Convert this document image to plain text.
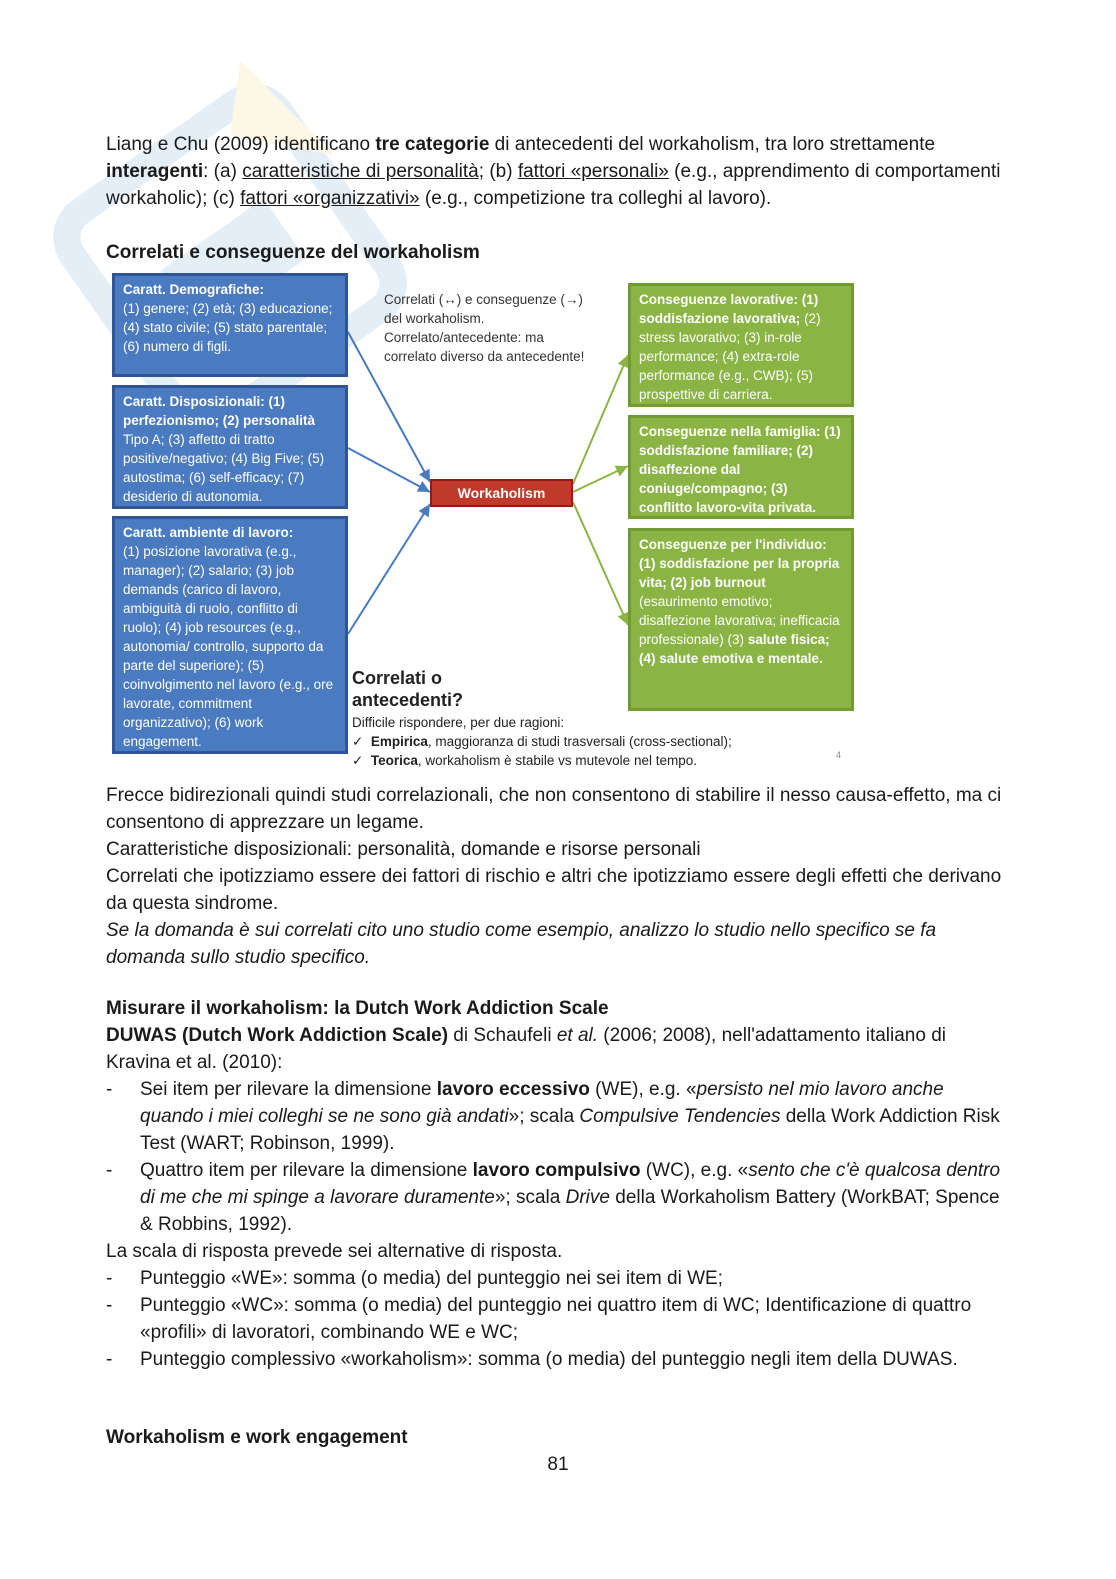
Liang e Chu (2009) identificano tre categorie di antecedenti del workaholism, tra loro strettamente interagenti: (a) caratteristiche di personalità; (b) fattori «personali» (e.g., apprendimento di comportamenti workaholic); (c) fattori «organizzativi» (e.g., competizione tra colleghi al lavoro).

Correlati e conseguenze del workaholism

Caratt. Demografiche:
(1) genere; (2) età; (3) educazione; (4) stato civile; (5) stato parentale; (6) numero di figli.
Caratt. Disposizionali: (1) perfezionismo; (2) personalità Tipo A; (3) affetto di tratto positive/negativo; (4) Big Five; (5) autostima; (6) self-efficacy; (7) desiderio di autonomia.
Caratt. ambiente di lavoro:
(1) posizione lavorativa (e.g., manager); (2) salario; (3) job demands (carico di lavoro, ambiguità di ruolo, conflitto di ruolo); (4) job resources (e.g., autonomia/ controllo, supporto da parte del superiore); (5) coinvolgimento nel lavoro (e.g., ore lavorate, commitment organizzativo); (6) work engagement.
Correlati (↔) e conseguenze (→) del workaholism. Correlato/antecedente: ma correlato diverso da antecedente!
Workaholism
Conseguenze lavorative: (1) soddisfazione lavorativa; (2) stress lavorativo; (3) in-role performance; (4) extra-role performance (e.g., CWB); (5) prospettive di carriera.
Conseguenze nella famiglia: (1) soddisfazione familiare; (2) disaffezione dal coniuge/compagno; (3) conflitto lavoro-vita privata.
Conseguenze per l'individuo: (1) soddisfazione per la propria vita; (2) job burnout (esaurimento emotivo; disaffezione lavorativa; inefficacia professionale) (3) salute fisica; (4) salute emotiva e mentale.
Correlati o antecedenti?
Difficile rispondere, per due ragioni:
✓ Empirica, maggioranza di studi trasversali (cross-sectional);
✓ Teorica, workaholism è stabile vs mutevole nel tempo.	4

Frecce bidirezionali quindi studi correlazionali, che non consentono di stabilire il nesso causa-effetto, ma ci consentono di apprezzare un legame.

Caratteristiche disposizionali: personalità, domande e risorse personali

Correlati che ipotizziamo essere dei fattori di rischio e altri che ipotizziamo essere degli effetti che derivano da questa sindrome.

Se la domanda è sui correlati cito uno studio come esempio, analizzo lo studio nello specifico se fa domanda sullo studio specifico.

Misurare il workaholism: la Dutch Work Addiction Scale

DUWAS (Dutch Work Addiction Scale) di Schaufeli et al. (2006; 2008), nell'adattamento italiano di Kravina et al. (2010):

- Sei item per rilevare la dimensione lavoro eccessivo (WE), e.g. «persisto nel mio lavoro anche quando i miei colleghi se ne sono già andati»; scala Compulsive Tendencies della Work Addiction Risk Test (WART; Robinson, 1999).

- Quattro item per rilevare la dimensione lavoro compulsivo (WC), e.g. «sento che c'è qualcosa dentro di me che mi spinge a lavorare duramente»; scala Drive della Workaholism Battery (WorkBAT; Spence & Robbins, 1992).

La scala di risposta prevede sei alternative di risposta.

- Punteggio «WE»: somma (o media) del punteggio nei sei item di WE;

- Punteggio «WC»: somma (o media) del punteggio nei quattro item di WC; Identificazione di quattro «profili» di lavoratori, combinando WE e WC;

- Punteggio complessivo «workaholism»: somma (o media) del punteggio negli item della DUWAS.

Workaholism e work engagement

81
